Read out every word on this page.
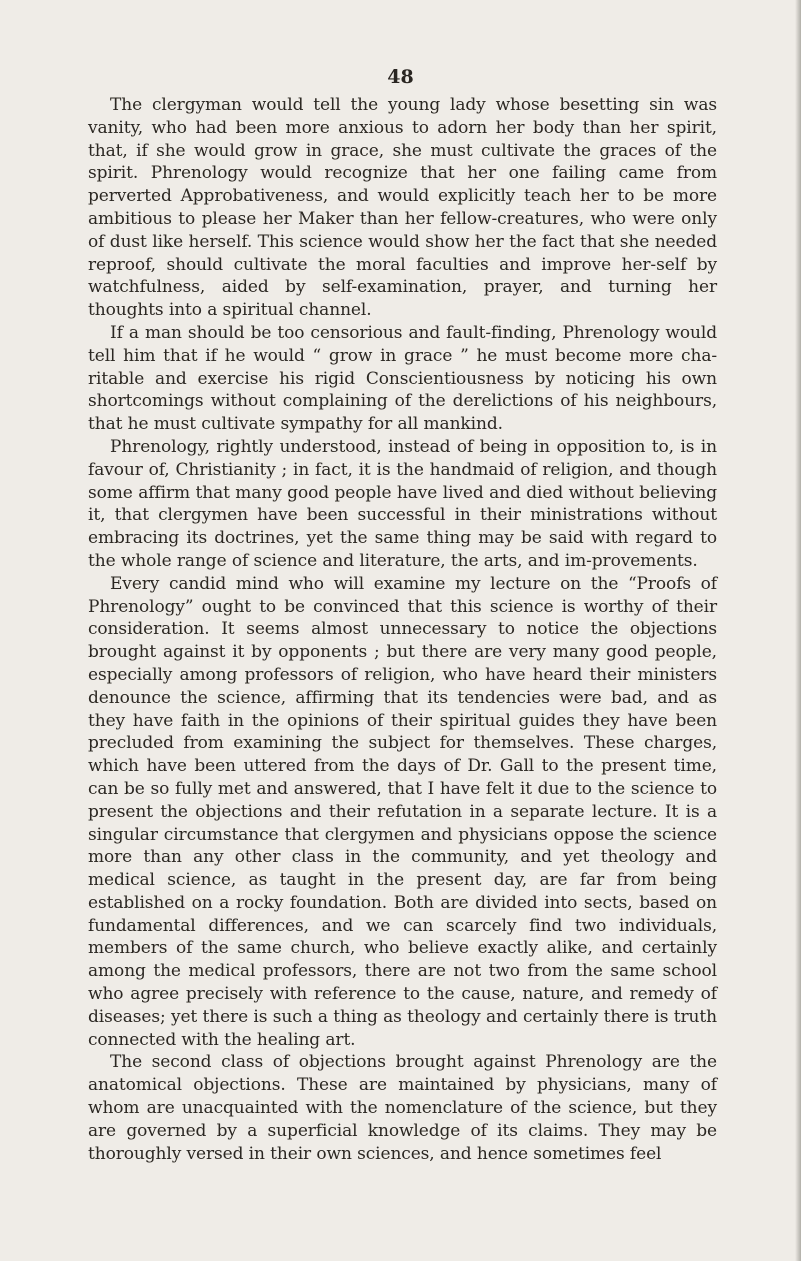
48

The clergyman would tell the young lady whose besetting sin was vanity, who had been more anxious to adorn her body than her spirit, that, if she would grow in grace, she must cultivate the graces of the spirit. Phrenology would recognize that her one failing came from perverted Approbativeness, and would explicitly teach her to be more ambitious to please her Maker than her fellow-creatures, who were only of dust like herself. This science would show her the fact that she needed reproof, should cultivate the moral faculties and improve her-self by watchfulness, aided by self-examination, prayer, and turning her thoughts into a spiritual channel.

If a man should be too censorious and fault-finding, Phrenology would tell him that if he would “ grow in grace ” he must become more cha-ritable and exercise his rigid Conscientiousness by noticing his own shortcomings without complaining of the derelictions of his neighbours, that he must cultivate sympathy for all mankind.

Phrenology, rightly understood, instead of being in opposition to, is in favour of, Christianity ; in fact, it is the handmaid of religion, and though some affirm that many good people have lived and died without believing it, that clergymen have been successful in their ministrations without embracing its doctrines, yet the same thing may be said with regard to the whole range of science and literature, the arts, and im-provements.

Every candid mind who will examine my lecture on the “Proofs of Phrenology” ought to be convinced that this science is worthy of their consideration. It seems almost unnecessary to notice the objections brought against it by opponents ; but there are very many good people, especially among professors of religion, who have heard their ministers denounce the science, affirming that its tendencies were bad, and as they have faith in the opinions of their spiritual guides they have been precluded from examining the subject for themselves. These charges, which have been uttered from the days of Dr. Gall to the present time, can be so fully met and answered, that I have felt it due to the science to present the objections and their refutation in a separate lecture. It is a singular circumstance that clergymen and physicians oppose the science more than any other class in the community, and yet theology and medical science, as taught in the present day, are far from being established on a rocky foundation. Both are divided into sects, based on fundamental differences, and we can scarcely find two individuals, members of the same church, who believe exactly alike, and certainly among the medical professors, there are not two from the same school who agree precisely with reference to the cause, nature, and remedy of diseases; yet there is such a thing as theology and certainly there is truth connected with the healing art.

The second class of objections brought against Phrenology are the anatomical objections. These are maintained by physicians, many of whom are unacquainted with the nomenclature of the science, but they are governed by a superficial knowledge of its claims. They may be thoroughly versed in their own sciences, and hence sometimes feel
